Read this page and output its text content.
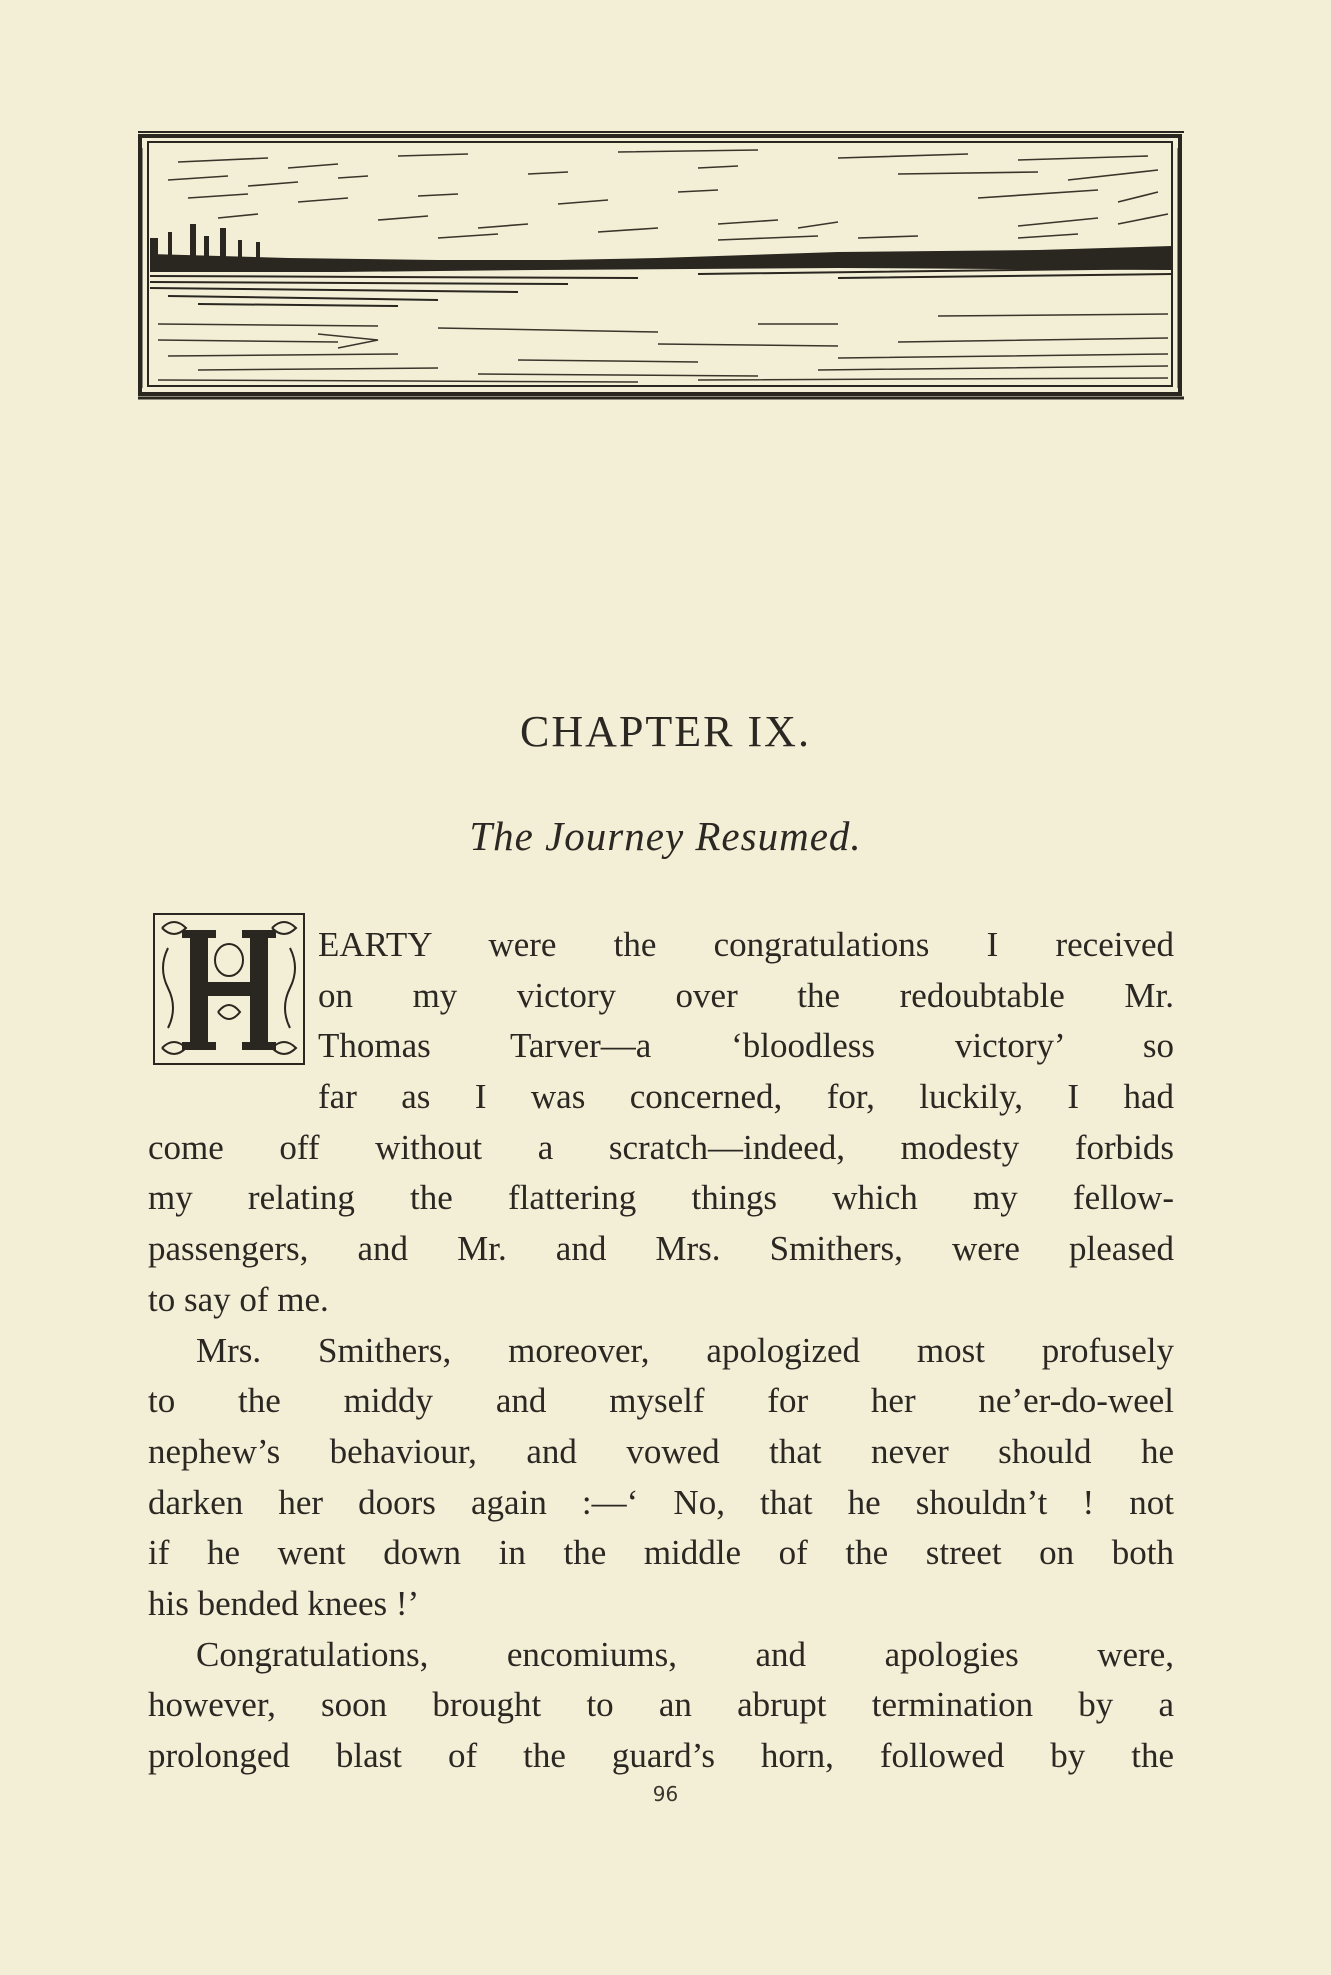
CHAPTER IX.
The Journey Resumed.
H
EARTY were the congratulations I received
on my victory over the redoubtable Mr.
Thomas Tarver—a ‘bloodless victory’ so
far as I was concerned, for, luckily, I had
come off without a scratch—indeed, modesty forbids
my relating the flattering things which my fellow-
passengers, and Mr. and Mrs. Smithers, were pleased
to say of me.
Mrs. Smithers, moreover, apologized most profusely
to the middy and myself for her ne’er-do-weel
nephew’s behaviour, and vowed that never should he
darken her doors again :—‘ No, that he shouldn’t ! not
if he went down in the middle of the street on both
his bended knees !’
Congratulations, encomiums, and apologies were,
however, soon brought to an abrupt termination by a
prolonged blast of the guard’s horn, followed by the
96
